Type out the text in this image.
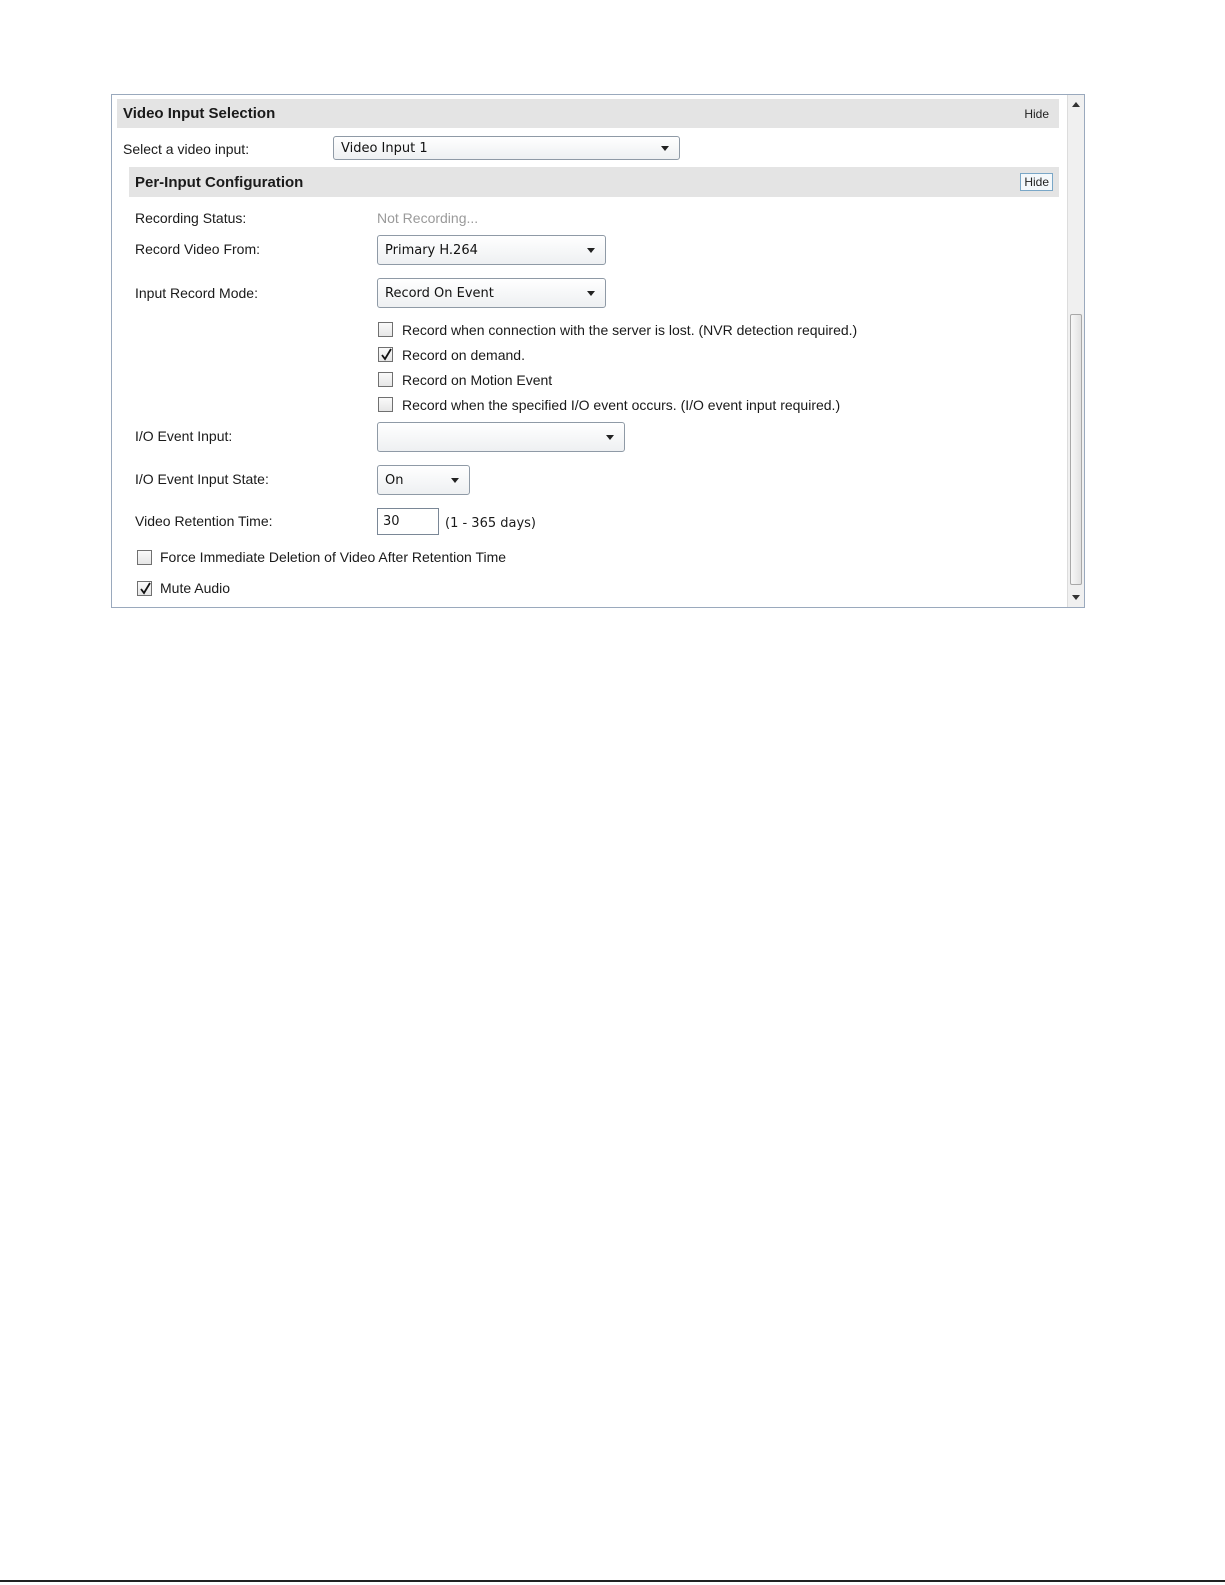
Video Input Selection	Hide
Select a video input:	Video Input 1
Per-Input Configuration	Hide
Recording Status:	Not Recording...
Record Video From:	Primary H.264
Input Record Mode:	Record On Event
Record when connection with the server is lost. (NVR detection required.)
Record on demand.
Record on Motion Event
Record when the specified I/O event occurs. (I/O event input required.)
I/O Event Input:
I/O Event Input State:	On
Video Retention Time:	30	(1 - 365 days)
Force Immediate Deletion of Video After Retention Time
Mute Audio
